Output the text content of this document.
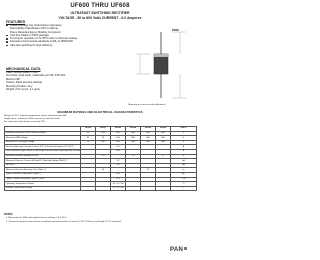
UF600 THRU UF608
ULTRAFAST SWITCHING RECTIFIER
VOLTAGE - 50 to 800 Volts CURRENT - 6.0 Amperes
FEATURES
Plastic package has Underwriters Laboratory
Flammability Classification 94V-O utilizing
Flame Retardant Epoxy Molding Compound
Void-free Plastic in P600 package
6.0 ampere operation at TL=55°C with no thermal runaway
Exceeds environmental standards of MIL-S-19500/228
Ultra fast switching for high efficiency
P600
Dimensions in inches and (millimeters)
MECHANICAL DATA
Case: Molded plastic, P600
Terminals: Axial leads, solderable per MIL-STD-202,
Method 208
Polarity: Band denotes cathode
Mounting Position: Any
Weight: 0.07 ounce, 2.1 gram
MAXIMUM RATINGS AND ELECTRICAL CHARACTERISTICS
Ratings at 25°C ambient temperature unless otherwise specified.
Single phase, half wave, 60Hz, resistive or inductive load.
For capacitive load, derate current by 20%.
	UF600	UF601	UF602	UF604	UF606	UF608	UNITS
Maximum Recurrent Peak Reverse Voltage	50	100	200	400	600	800	V
Maximum RMS Voltage	35	70	140	280	420	560	V
Maximum DC Blocking Voltage	50	100	200	400	600	800	V
Maximum Average Forward Current .375"(9.5mm) lead length at TL=55°C			6.0				A
Peak Forward Surge Current 8.3ms single half sine-wave superimposed on rated load			400				A
Maximum Forward Voltage at 6.0A		1.0		1.3		1.7	V
Maximum Reverse Current at Rated DC Blocking Voltage TA=25°C			10				μA
TA=100°C			150				μA
Maximum Reverse Recovery Time (Note 1)		50			75		ns
Typical Junction Capacitance (Note 2)			100				pF
Typical Thermal Resistance (Note 3) RθJL			6.0				°C/W
Operating Temperature Range			-55 TO +150				°C
Storage Temperature Range			-55 TO +150				°C
NOTES:
1. Measured at 1 MHz and applied reverse voltage of 4.0 VDC.
2. Thermal resistance from junction to ambient and from junction to lead at 0.375" (9.5mm) lead length P.C.B. mounted.
PAN
